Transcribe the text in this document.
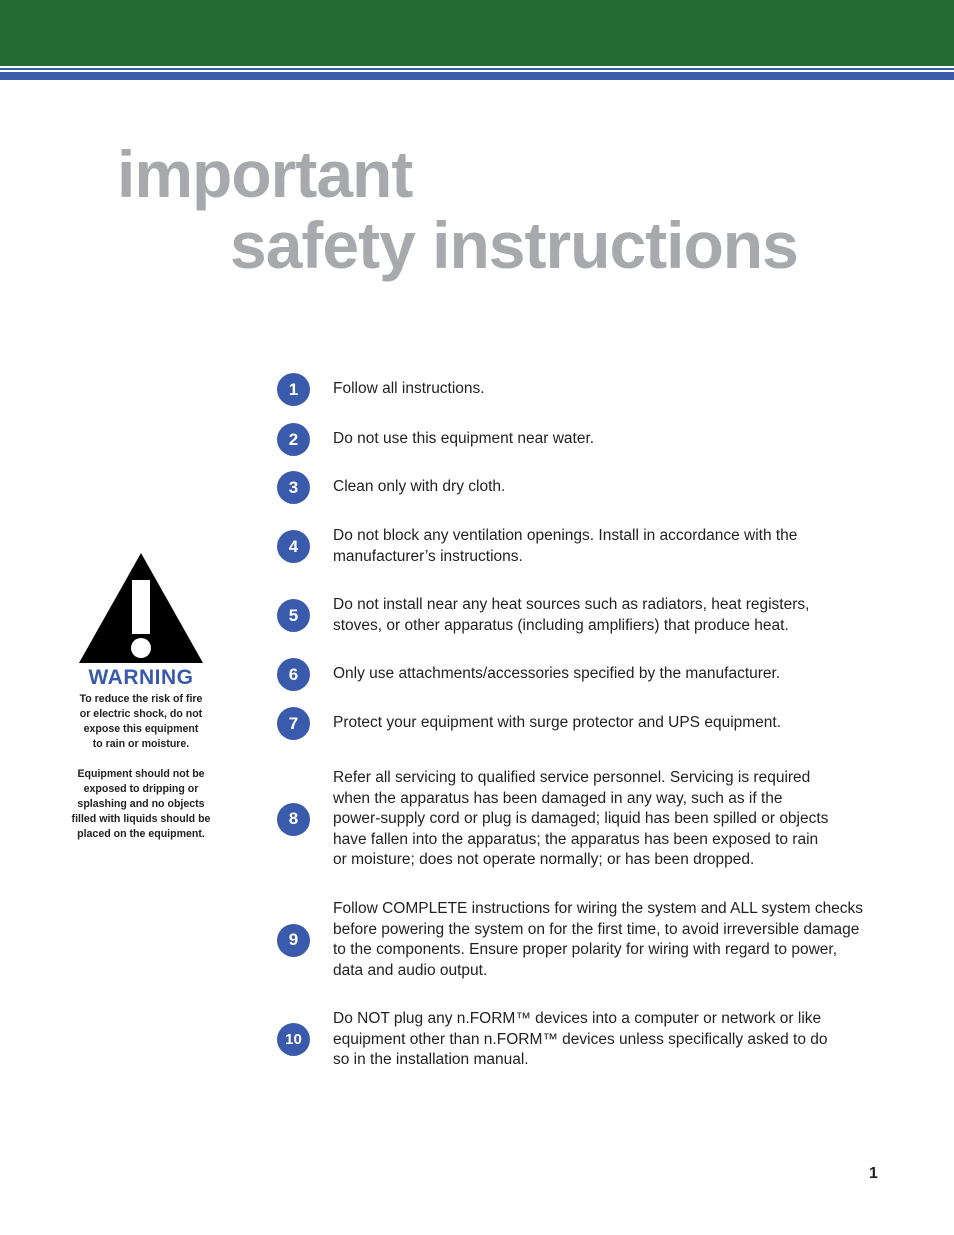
important
safety instructions
1	Follow all instructions.
2	Do not use this equipment near water.
3	Clean only with dry cloth.
4
Do not block any ventilation openings. Install in accordance with the
manufacturer’s instructions.
5
Do not install near any heat sources such as radiators, heat registers,
stoves, or other apparatus (including amplifiers) that produce heat.
6	Only use attachments/accessories specified by the manufacturer.
7	Protect your equipment with surge protector and UPS equipment.
8
Refer all servicing to qualified service personnel. Servicing is required
when the apparatus has been damaged in any way, such as if the
power-supply cord or plug is damaged; liquid has been spilled or objects
have fallen into the apparatus; the apparatus has been exposed to rain
or moisture; does not operate normally; or has been dropped.
9
Follow COMPLETE instructions for wiring the system and ALL system checks
before powering the system on for the first time, to avoid irreversible damage
to the components. Ensure proper polarity for wiring with regard to power,
data and audio output.
10
Do NOT plug any n.FORM™ devices into a computer or network or like
equipment other than n.FORM™ devices unless specifically asked to do
so in the installation manual.
WARNING
To reduce the risk of fire
or electric shock, do not
expose this equipment
to rain or moisture.
Equipment should not be
exposed to dripping or
splashing and no objects
filled with liquids should be
placed on the equipment.
1
